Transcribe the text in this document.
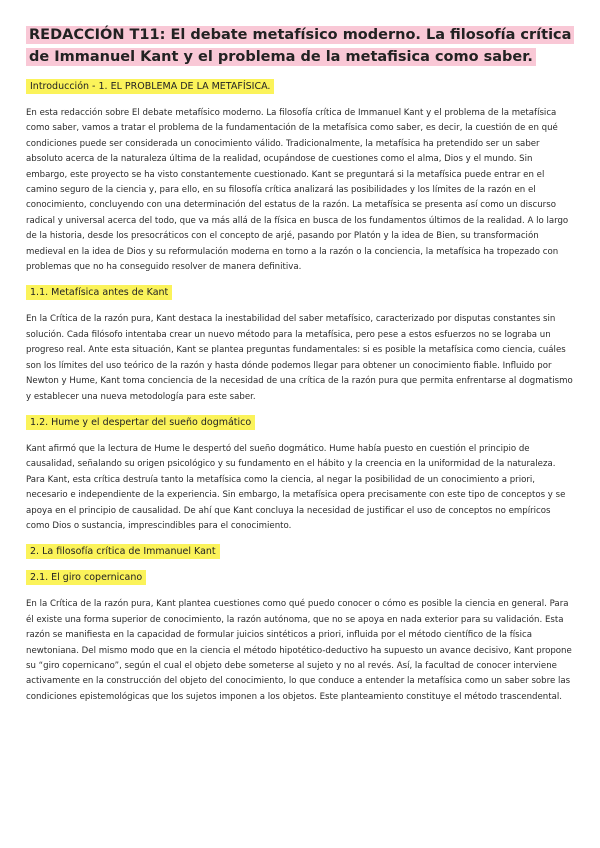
REDACCIÓN T11: El debate metafísico moderno. La filosofía crítica de Immanuel Kant y el problema de la metafisica como saber.
Introducción - 1. EL PROBLEMA DE LA METAFÍSICA.

En esta redacción sobre El debate metafísico moderno. La filosofía crítica de Immanuel Kant y el problema de la metafísica como saber, vamos a tratar el problema de la fundamentación de la metafísica como saber, es decir, la cuestión de en qué condiciones puede ser considerada un conocimiento válido. Tradicionalmente, la metafísica ha pretendido ser un saber absoluto acerca de la naturaleza última de la realidad, ocupándose de cuestiones como el alma, Dios y el mundo. Sin embargo, este proyecto se ha visto constantemente cuestionado. Kant se preguntará si la metafísica puede entrar en el camino seguro de la ciencia y, para ello, en su filosofía crítica analizará las posibilidades y los límites de la razón en el conocimiento, concluyendo con una determinación del estatus de la razón. La metafísica se presenta así como un discurso radical y universal acerca del todo, que va más allá de la física en busca de los fundamentos últimos de la realidad. A lo largo de la historia, desde los presocráticos con el concepto de arjé, pasando por Platón y la idea de Bien, su transformación medieval en la idea de Dios y su reformulación moderna en torno a la razón o la conciencia, la metafísica ha tropezado con problemas que no ha conseguido resolver de manera definitiva.

1.1. Metafísica antes de Kant

En la Crítica de la razón pura, Kant destaca la inestabilidad del saber metafísico, caracterizado por disputas constantes sin solución. Cada filósofo intentaba crear un nuevo método para la metafísica, pero pese a estos esfuerzos no se lograba un progreso real. Ante esta situación, Kant se plantea preguntas fundamentales: si es posible la metafísica como ciencia, cuáles son los límites del uso teórico de la razón y hasta dónde podemos llegar para obtener un conocimiento fiable. Influido por Newton y Hume, Kant toma conciencia de la necesidad de una crítica de la razón pura que permita enfrentarse al dogmatismo y establecer una nueva metodología para este saber.

1.2. Hume y el despertar del sueño dogmático

Kant afirmó que la lectura de Hume le despertó del sueño dogmático. Hume había puesto en cuestión el principio de causalidad, señalando su origen psicológico y su fundamento en el hábito y la creencia en la uniformidad de la naturaleza. Para Kant, esta crítica destruía tanto la metafísica como la ciencia, al negar la posibilidad de un conocimiento a priori, necesario e independiente de la experiencia. Sin embargo, la metafísica opera precisamente con este tipo de conceptos y se apoya en el principio de causalidad. De ahí que Kant concluya la necesidad de justificar el uso de conceptos no empíricos como Dios o sustancia, imprescindibles para el conocimiento.

2. La filosofía crítica de Immanuel Kant
2.1. El giro copernicano

En la Crítica de la razón pura, Kant plantea cuestiones como qué puedo conocer o cómo es posible la ciencia en general. Para él existe una forma superior de conocimiento, la razón autónoma, que no se apoya en nada exterior para su validación. Esta razón se manifiesta en la capacidad de formular juicios sintéticos a priori, influida por el método científico de la física newtoniana. Del mismo modo que en la ciencia el método hipotético-deductivo ha supuesto un avance decisivo, Kant propone su “giro copernicano”, según el cual el objeto debe someterse al sujeto y no al revés. Así, la facultad de conocer interviene activamente en la construcción del objeto del conocimiento, lo que conduce a entender la metafísica como un saber sobre las condiciones epistemológicas que los sujetos imponen a los objetos. Este planteamiento constituye el método trascendental.
